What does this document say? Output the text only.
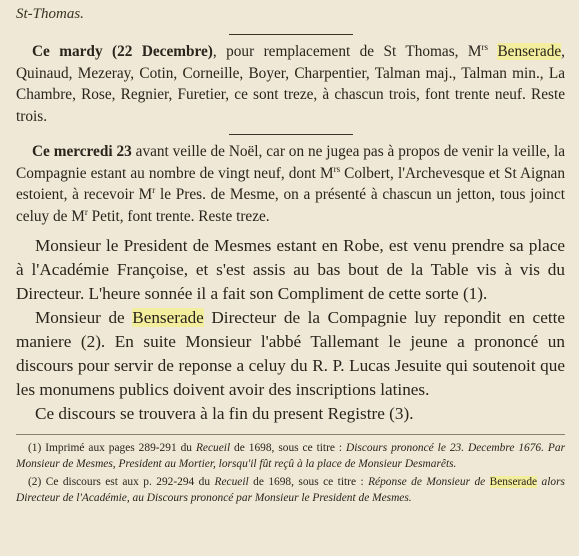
St-Thomas.

Ce mardy (22 Decembre), pour remplacement de St Thomas, $M^{rs}$ Benserade, Quinaud, Mezeray, Cotin, Corneille, Boyer, Charpentier, Talman maj., Talman min., La Chambre, Rose, Regnier, Furetier, ce sont treze, à chascun trois, font trente neuf. Reste trois.

Ce mercredi 23 avant veille de Noël, car on ne jugea pas à propos de venir la veille, la Compagnie estant au nombre de vingt neuf, dont $M^{rs}$ Colbert, l'Archevesque et St Aignan estoient, à recevoir $M^r$ le Pres. de Mesme, on a présenté à chascun un jetton, tous joinct celuy de $M^r$ Petit, font trente. Reste treze.

Monsieur le President de Mesmes estant en Robe, est venu prendre sa place à l'Académie Françoise, et s'est assis au bas bout de la Table vis à vis du Directeur. L'heure sonnée il a fait son Compliment de cette sorte (1).

Monsieur de Benserade Directeur de la Compagnie luy repondit en cette maniere (2). En suite Monsieur l'abbé Tallemant le jeune a prononcé un discours pour servir de reponse a celuy du R. P. Lucas Jesuite qui soutenoit que les monumens publics doivent avoir des inscriptions latines.

Ce discours se trouvera à la fin du present Registre (3).

(1) Imprimé aux pages 289-291 du Recueil de 1698, sous ce titre : Discours prononcé le 23. Decembre 1676. Par Monsieur de Mesmes, President au Mortier, lorsqu'il fût reçû à la place de Monsieur Desmarêts.

(2) Ce discours est aux p. 292-294 du Recueil de 1698, sous ce titre : Réponse de Monsieur de Benserade alors Directeur de l'Académie, au Discours prononcé par Monsieur le President de Mesmes.
